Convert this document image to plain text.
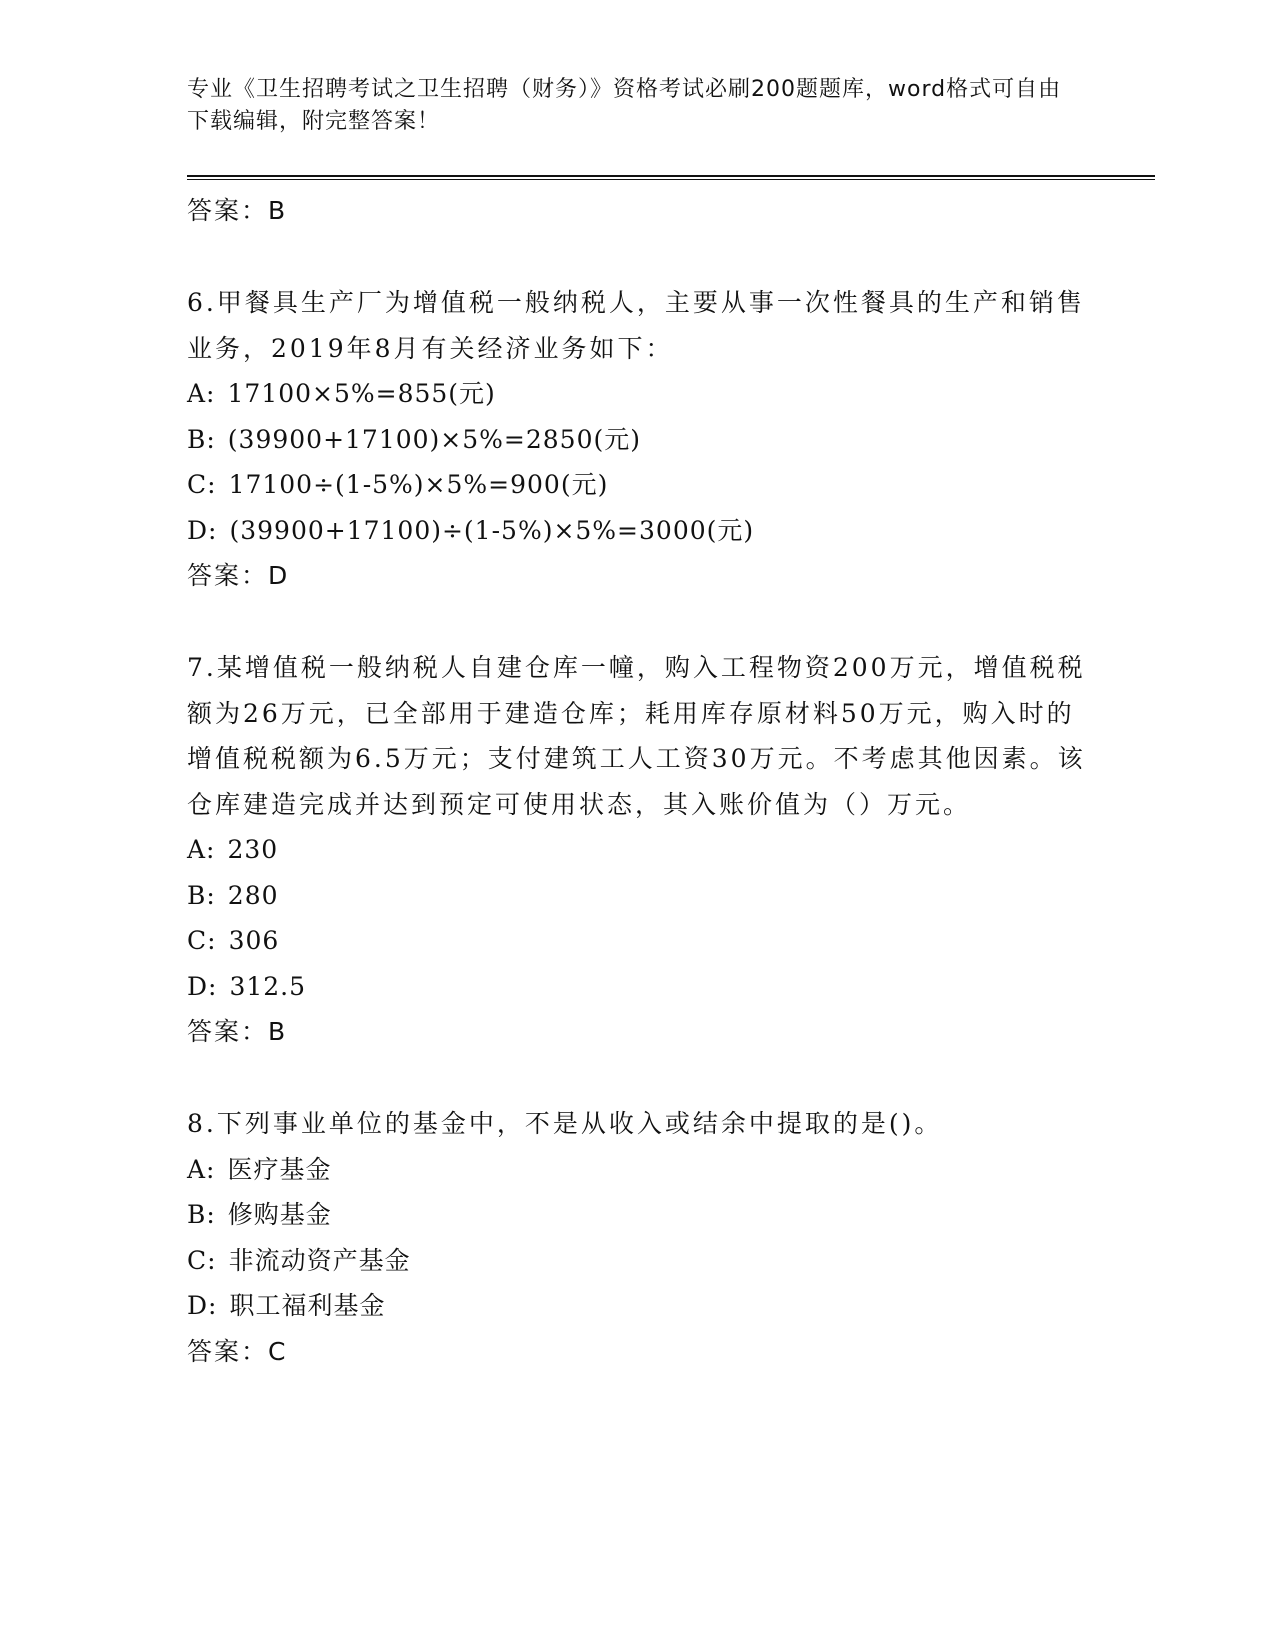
专业《卫生招聘考试之卫生招聘（财务）》资格考试必刷200题题库，word格式可自由下载编辑，附完整答案！
答案：B
6.甲餐具生产厂为增值税一般纳税人，主要从事一次性餐具的生产和销售业务，2019年8月有关经济业务如下：
A: 17100×5%=855(元)
B: (39900+17100)×5%=2850(元)
C: 17100÷(1-5%)×5%=900(元)
D: (39900+17100)÷(1-5%)×5%=3000(元)
答案：D
7.某增值税一般纳税人自建仓库一幢，购入工程物资200万元，增值税税额为26万元，已全部用于建造仓库；耗用库存原材料50万元，购入时的增值税税额为6.5万元；支付建筑工人工资30万元。不考虑其他因素。该仓库建造完成并达到预定可使用状态，其入账价值为（）万元。
A: 230
B: 280
C: 306
D: 312.5
答案：B
8.下列事业单位的基金中，不是从收入或结余中提取的是()。
A: 医疗基金
B: 修购基金
C: 非流动资产基金
D: 职工福利基金
答案：C
